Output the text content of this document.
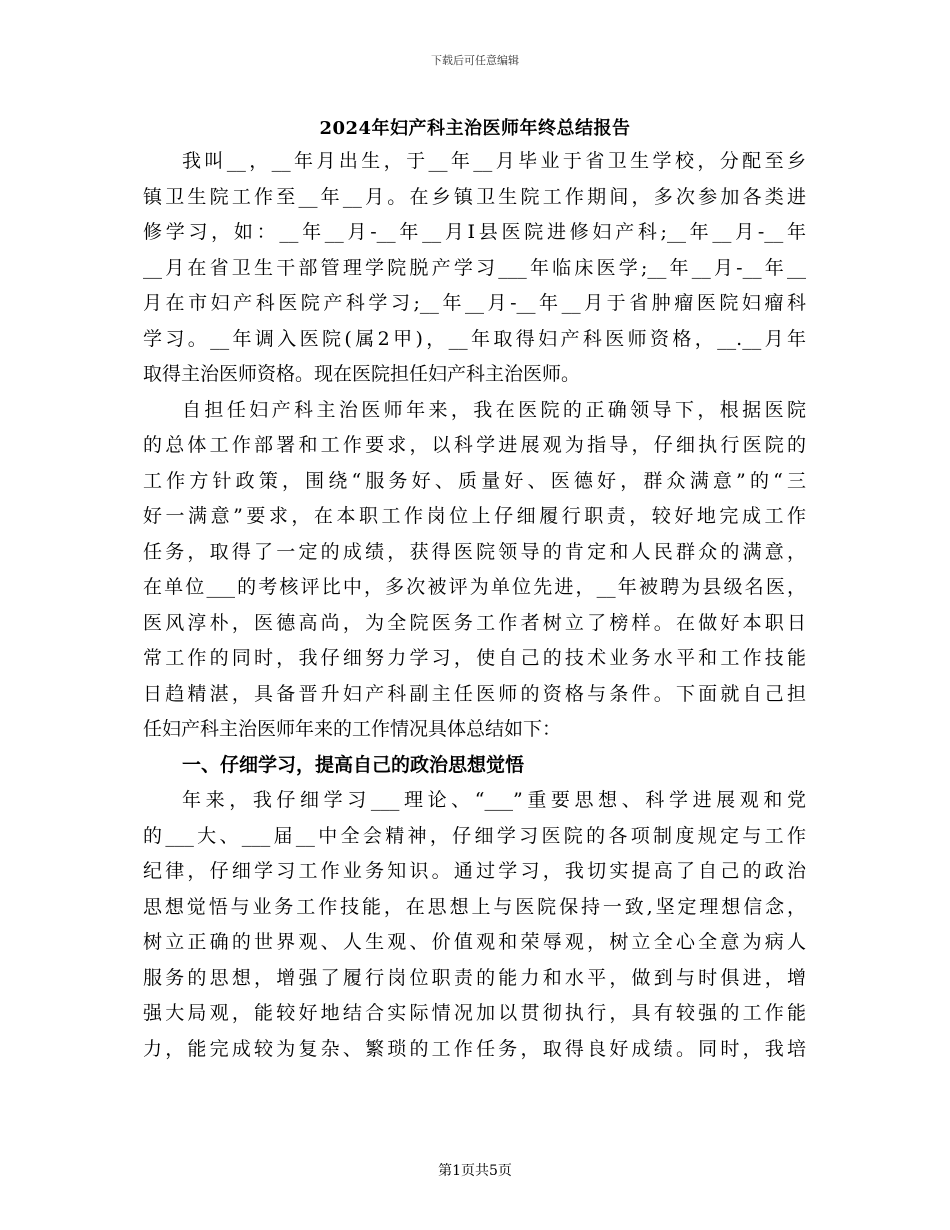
下载后可任意编辑
2024年妇产科主治医师年终总结报告

我叫__，__年月出生，于__年__月毕业于省卫生学校，分配至乡
镇卫生院工作至__年__月。在乡镇卫生院工作期间，多次参加各类进
修学习，如：__年__月-__年__月Ⅰ县医院进修妇产科;__年__月-__年
__月在省卫生干部管理学院脱产学习___年临床医学;__年__月-__年__
月在市妇产科医院产科学习;__年__月-__年__月于省肿瘤医院妇瘤科
学习。__年调入医院(属2甲)，__年取得妇产科医师资格，__.__月年
取得主治医师资格。现在医院担任妇产科主治医师。

自担任妇产科主治医师年来，我在医院的正确领导下，根据医院
的总体工作部署和工作要求，以科学进展观为指导，仔细执行医院的
工作方针政策，围绕“服务好、质量好、医德好，群众满意”的“三
好一满意”要求，在本职工作岗位上仔细履行职责，较好地完成工作
任务，取得了一定的成绩，获得医院领导的肯定和人民群众的满意，
在单位___的考核评比中，多次被评为单位先进，__年被聘为县级名医，
医风淳朴，医德高尚，为全院医务工作者树立了榜样。在做好本职日
常工作的同时，我仔细努力学习，使自己的技术业务水平和工作技能
日趋精湛，具备晋升妇产科副主任医师的资格与条件。下面就自己担
任妇产科主治医师年来的工作情况具体总结如下：

一、仔细学习，提高自己的政治思想觉悟

年来，我仔细学习___理论、“___”重要思想、科学进展观和党
的___大、___届__中全会精神，仔细学习医院的各项制度规定与工作
纪律，仔细学习工作业务知识。通过学习，我切实提高了自己的政治
思想觉悟与业务工作技能，在思想上与医院保持一致,坚定理想信念，
树立正确的世界观、人生观、价值观和荣辱观，树立全心全意为病人
服务的思想，增强了履行岗位职责的能力和水平，做到与时俱进，增
强大局观，能较好地结合实际情况加以贯彻执行，具有较强的工作能
力，能完成较为复杂、繁琐的工作任务，取得良好成绩。同时，我培

第1页共5页
